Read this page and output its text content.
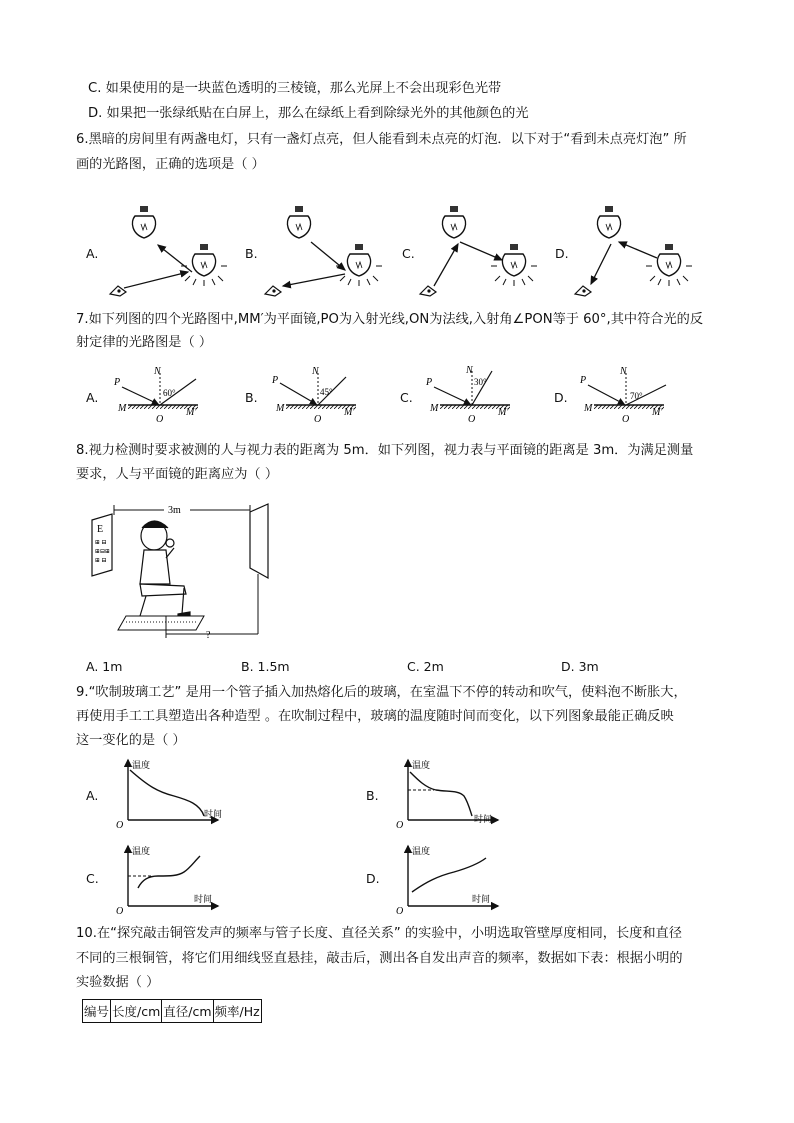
C. 如果使用的是一块蓝色透明的三棱镜，那么光屏上不会出现彩色光带
D. 如果把一张绿纸贴在白屏上，那么在绿纸上看到除绿光外的其他颜色的光
6.黑暗的房间里有两盏电灯，只有一盏灯点亮，但人能看到未点亮的灯泡．以下对于“看到未点亮灯泡” 所
画的光路图，正确的选项是（ ）
A.	B.	C.	D.
7.如下列图的四个光路图中,MM′为平面镜,PO为入射光线,ON为法线,入射角∠PON等于 60°,其中符合光的反
射定律的光路图是（ ）
A.	B.	C.	D.
P
N
M	M′
O
60°
P
N
M	M′
O
45°
P
N
M	M′
O
30°	P
N
M	M′
O
70°
8.视力检测时要求被测的人与视力表的距离为 5m．如下列图，视力表与平面镜的距离是 3m．为满足测量
要求，人与平面镜的距离应为（ ）
E
⊞ ⊟
⊞⊟⊞
⊞ ⊟
3m
?
A. 1m	B. 1.5m	C. 2m	D. 3m
9.“吹制玻璃工艺” 是用一个管子插入加热熔化后的玻璃，在室温下不停的转动和吹气，使料泡不断胀大，
再使用手工工具塑造出各种造型 。在吹制过程中，玻璃的温度随时间而变化，以下列图象最能正确反映
这一变化的是（ ）
A.	B.
C.	D.
温度
时间
O
温度
时间
O
温度
时间
O
温度
时间
O
10.在“探究敲击铜管发声的频率与管子长度、直径关系” 的实验中，小明选取管壁厚度相同，长度和直径
不同的三根铜管，将它们用细线竖直悬挂，敲击后，测出各自发出声音的频率，数据如下表：根据小明的
实验数据（ ）
编号	长度/cm	直径/cm	频率/Hz
